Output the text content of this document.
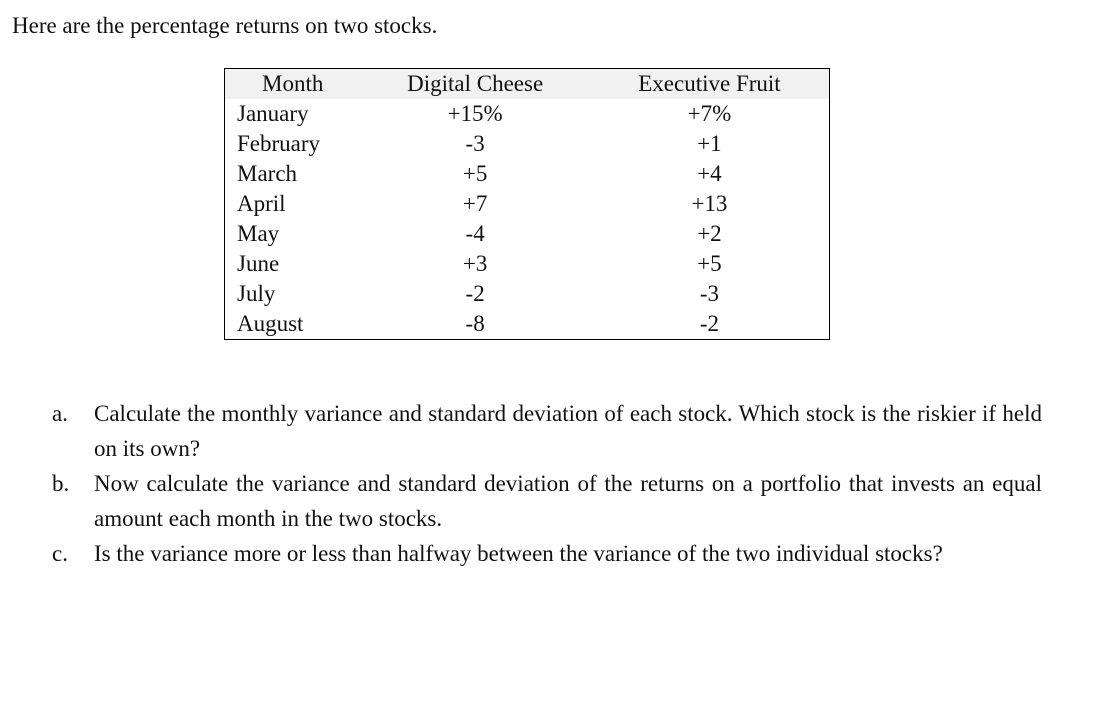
Here are the percentage returns on two stocks.

Month	Digital Cheese	Executive Fruit
January	+15%	+7%
February	-3	+1
March	+5	+4
April	+7	+13
May	-4	+2
June	+3	+5
July	-2	-3
August	-8	-2
a. Calculate the monthly variance and standard deviation of each stock. Which stock is the riskier if held on its own?
b. Now calculate the variance and standard deviation of the returns on a portfolio that invests an equal amount each month in the two stocks.
c. Is the variance more or less than halfway between the variance of the two individual stocks?
